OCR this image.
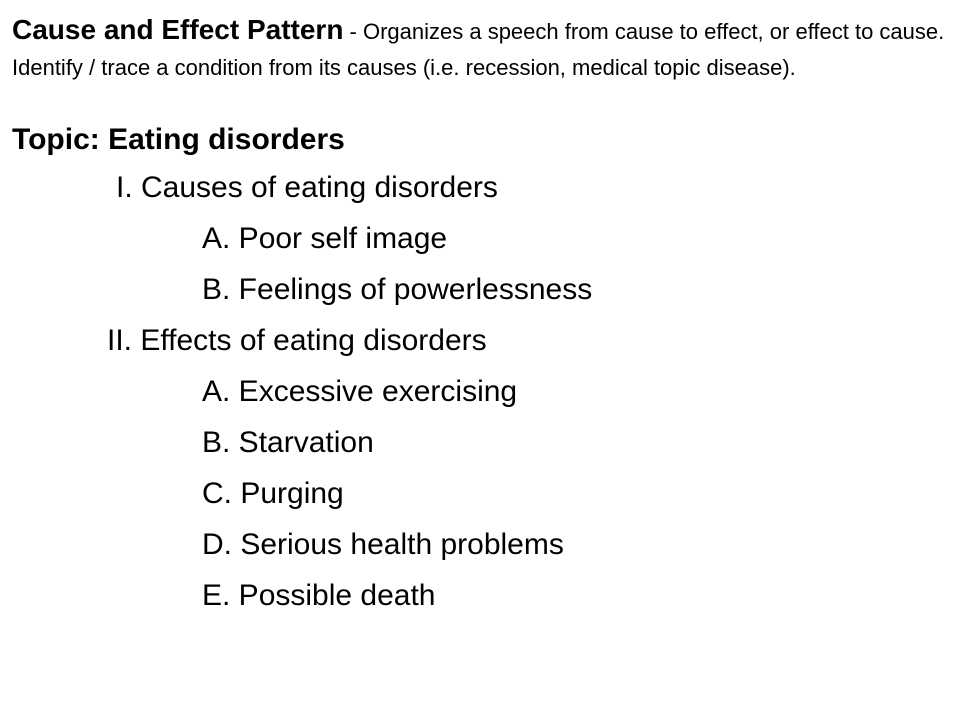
Cause and Effect Pattern - Organizes a speech from cause to effect, or effect to cause. Identify / trace a condition from its causes (i.e. recession, medical topic disease).

Topic: Eating disorders
I. Causes of eating disorders
A. Poor self image
B. Feelings of powerlessness
II. Effects of eating disorders
A. Excessive exercising
B. Starvation
C. Purging
D. Serious health problems
E. Possible death
